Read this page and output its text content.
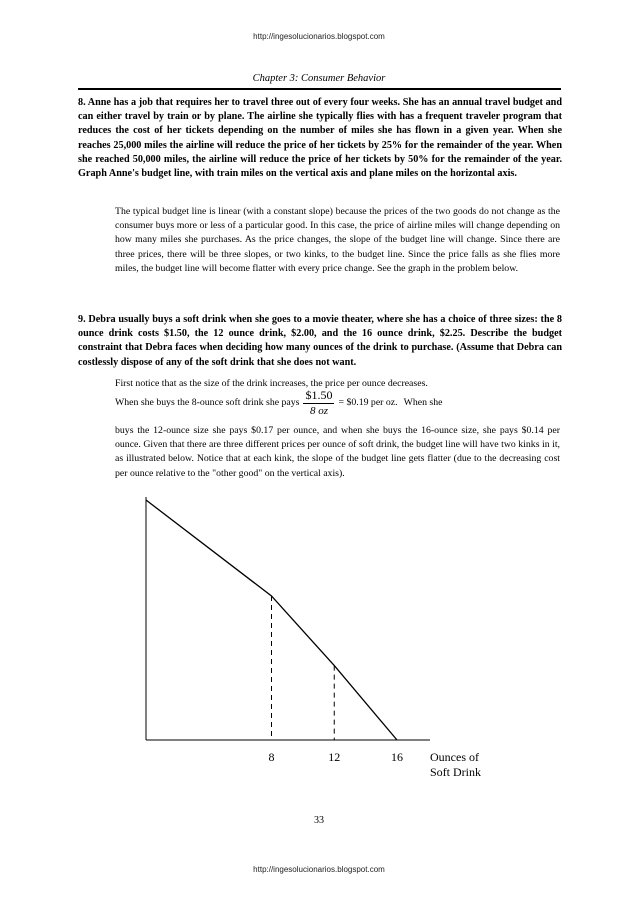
http://ingesolucionarios.blogspot.com
Chapter 3: Consumer Behavior
8. Anne has a job that requires her to travel three out of every four weeks. She has an annual travel budget and can either travel by train or by plane. The airline she typically flies with has a frequent traveler program that reduces the cost of her tickets depending on the number of miles she has flown in a given year. When she reaches 25,000 miles the airline will reduce the price of her tickets by 25% for the remainder of the year. When she reached 50,000 miles, the airline will reduce the price of her tickets by 50% for the remainder of the year. Graph Anne's budget line, with train miles on the vertical axis and plane miles on the horizontal axis.
The typical budget line is linear (with a constant slope) because the prices of the two goods do not change as the consumer buys more or less of a particular good. In this case, the price of airline miles will change depending on how many miles she purchases. As the price changes, the slope of the budget line will change. Since there are three prices, there will be three slopes, or two kinks, to the budget line. Since the price falls as she flies more miles, the budget line will become flatter with every price change. See the graph in the problem below.
9. Debra usually buys a soft drink when she goes to a movie theater, where she has a choice of three sizes: the 8 ounce drink costs $1.50, the 12 ounce drink, $2.00, and the 16 ounce drink, $2.25. Describe the budget constraint that Debra faces when deciding how many ounces of the drink to purchase. (Assume that Debra can costlessly dispose of any of the soft drink that she does not want.
First notice that as the size of the drink increases, the price per ounce decreases.
When she buys the 8-ounce soft drink she pays $\frac{\$1.50}{8 oz}$ = $0.19 per oz. When she
buys the 12-ounce size she pays $0.17 per ounce, and when she buys the 16-ounce size, she pays $0.14 per ounce. Given that there are three different prices per ounce of soft drink, the budget line will have two kinks in it, as illustrated below. Notice that at each kink, the slope of the budget line gets flatter (due to the decreasing cost per ounce relative to the "other good" on the vertical axis).
8	12	16 Ounces of
Soft Drink
33
http://ingesolucionarios.blogspot.com
